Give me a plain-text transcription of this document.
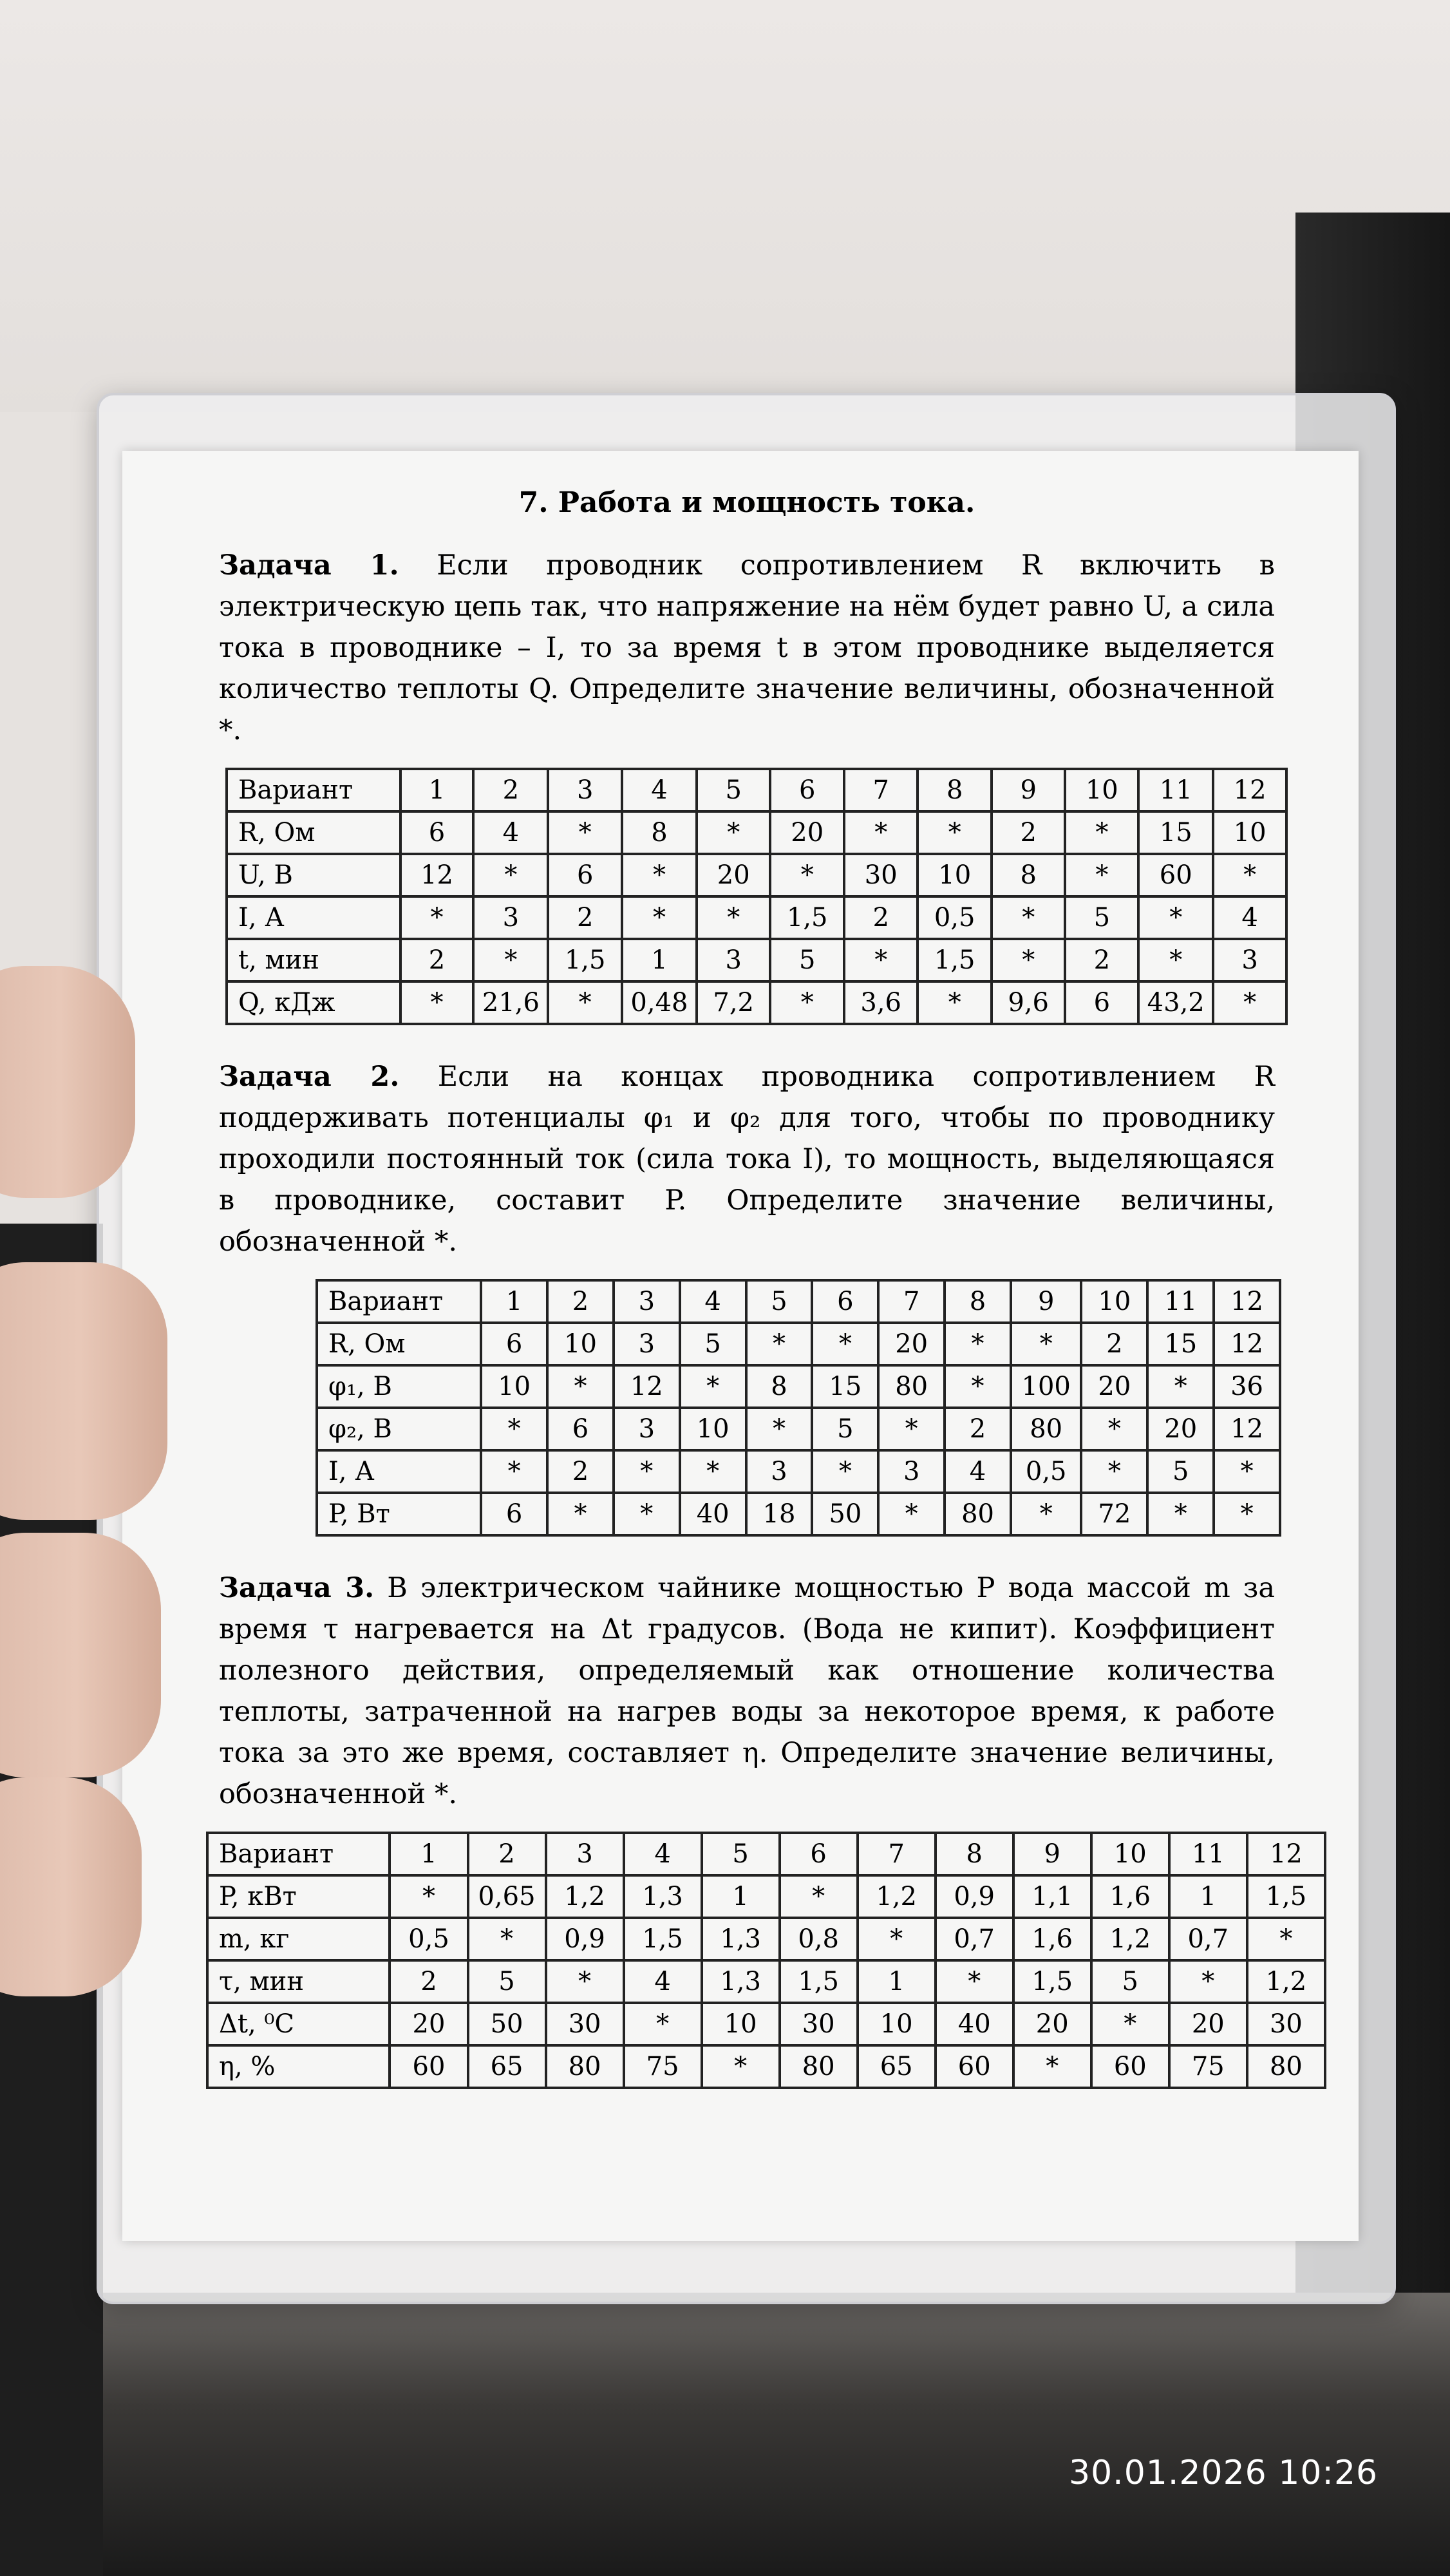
7. Работа и мощность тока.

Задача 1. Если проводник сопротивлением R включить в электрическую цепь так, что напряжение на нём будет равно U, а сила тока в проводнике – I, то за время t в этом проводнике выделяется количество теплоты Q. Определите значение величины, обозначенной *.

Вариант	1	2	3	4	5	6	7	8	9	10	11	12
R, Ом	6	4	*	8	*	20	*	*	2	*	15	10
U, В	12	*	6	*	20	*	30	10	8	*	60	*
I, А	*	3	2	*	*	1,5	2	0,5	*	5	*	4
t, мин	2	*	1,5	1	3	5	*	1,5	*	2	*	3
Q, кДж	*	21,6	*	0,48	7,2	*	3,6	*	9,6	6	43,2	*

Задача 2. Если на концах проводника сопротивлением R поддерживать потенциалы φ₁ и φ₂ для того, чтобы по проводнику проходили постоянный ток (сила тока I), то мощность, выделяющаяся в проводнике, составит P. Определите значение величины, обозначенной *.

Вариант	1	2	3	4	5	6	7	8	9	10	11	12
R, Ом	6	10	3	5	*	*	20	*	*	2	15	12
φ₁, В	10	*	12	*	8	15	80	*	100	20	*	36
φ₂, В	*	6	3	10	*	5	*	2	80	*	20	12
I, А	*	2	*	*	3	*	3	4	0,5	*	5	*
P, Вт	6	*	*	40	18	50	*	80	*	72	*	*

Задача 3. В электрическом чайнике мощностью P вода массой m за время τ нагревается на Δt градусов. (Вода не кипит). Коэффициент полезного действия, определяемый как отношение количества теплоты, затраченной на нагрев воды за некоторое время, к работе тока за это же время, составляет η. Определите значение величины, обозначенной *.

Вариант	1	2	3	4	5	6	7	8	9	10	11	12
P, кВт	*	0,65	1,2	1,3	1	*	1,2	0,9	1,1	1,6	1	1,5
m, кг	0,5	*	0,9	1,5	1,3	0,8	*	0,7	1,6	1,2	0,7	*
τ, мин	2	5	*	4	1,3	1,5	1	*	1,5	5	*	1,2
Δt, ⁰C	20	50	30	*	10	30	10	40	20	*	20	30
η, %	60	65	80	75	*	80	65	60	*	60	75	80
30.01.2026 10:26
